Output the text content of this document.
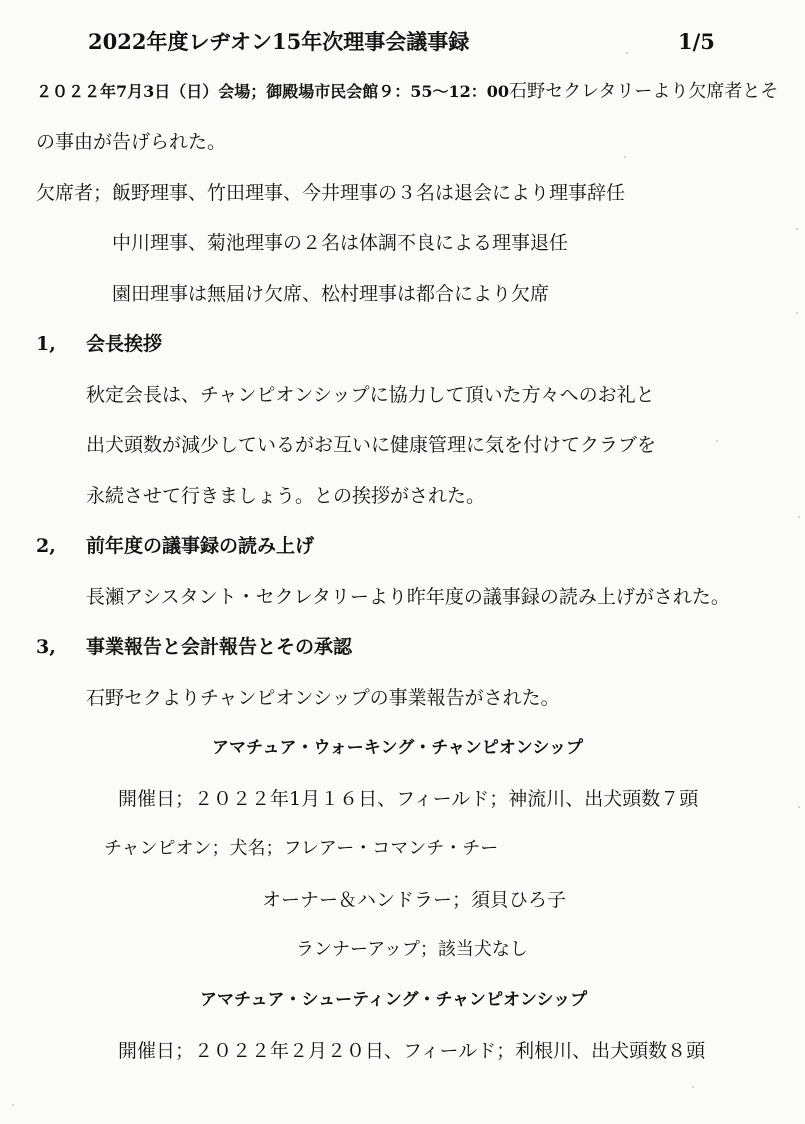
2022年度レヂオン15年次理事会議事録	1/5
２０２２年7月3日（日）会場；御殿場市民会館９：55〜12：00石野セクレタリーより欠席者とそ
の事由が告げられた。
欠席者；飯野理事、竹田理事、今井理事の３名は退会により理事辞任
中川理事、菊池理事の２名は体調不良による理事退任
園田理事は無届け欠席、松村理事は都合により欠席
1, 会長挨拶
秋定会長は、チャンピオンシップに協力して頂いた方々へのお礼と
出犬頭数が減少しているがお互いに健康管理に気を付けてクラブを
永続させて行きましょう。との挨拶がされた。
2, 前年度の議事録の読み上げ
長瀬アシスタント・セクレタリーより昨年度の議事録の読み上げがされた。
3, 事業報告と会計報告とその承認
石野セクよりチャンピオンシップの事業報告がされた。
アマチュア・ウォーキング・チャンピオンシップ
開催日；２０２２年1月１６日、フィールド；神流川、出犬頭数７頭
チャンピオン；犬名；フレアー・コマンチ・チー
オーナー＆ハンドラー；須貝ひろ子
ランナーアップ；該当犬なし
アマチュア・シューティング・チャンピオンシップ
開催日；２０２２年２月２０日、フィールド；利根川、出犬頭数８頭
